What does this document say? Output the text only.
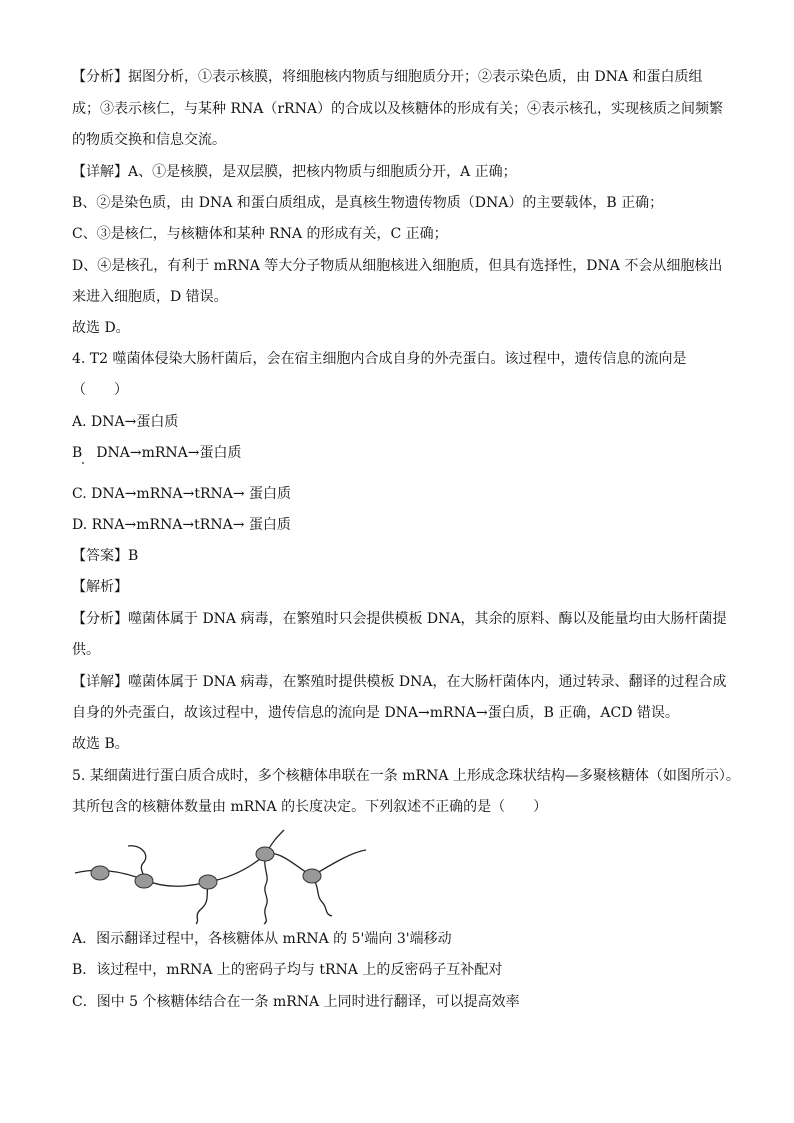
【分析】据图分析，①表示核膜，将细胞核内物质与细胞质分开；②表示染色质，由 DNA 和蛋白质组
成；③表示核仁，与某种 RNA（rRNA）的合成以及核糖体的形成有关；④表示核孔，实现核质之间频繁
的物质交换和信息交流。
【详解】A、①是核膜，是双层膜，把核内物质与细胞质分开，A 正确；
B、②是染色质，由 DNA 和蛋白质组成，是真核生物遗传物质（DNA）的主要载体，B 正确；
C、③是核仁，与核糖体和某种 RNA 的形成有关，C 正确；
D、④是核孔，有利于 mRNA 等大分子物质从细胞核进入细胞质，但具有选择性，DNA 不会从细胞核出
来进入细胞质，D 错误。
故选 D。
4. T2 噬菌体侵染大肠杆菌后，会在宿主细胞内合成自身的外壳蛋白。该过程中，遗传信息的流向是
（　　）
A. DNA→蛋白质
B　DNA→mRNA→蛋白质
C. DNA→mRNA→tRNA→ 蛋白质
D. RNA→mRNA→tRNA→ 蛋白质
【答案】B
【解析】
【分析】噬菌体属于 DNA 病毒，在繁殖时只会提供模板 DNA，其余的原料、酶以及能量均由大肠杆菌提
供。
【详解】噬菌体属于 DNA 病毒，在繁殖时提供模板 DNA，在大肠杆菌体内，通过转录、翻译的过程合成
自身的外壳蛋白，故该过程中，遗传信息的流向是 DNA→mRNA→蛋白质，B 正确，ACD 错误。
故选 B。
5. 某细菌进行蛋白质合成时，多个核糖体串联在一条 mRNA 上形成念珠状结构—多聚核糖体（如图所示）。
其所包含的核糖体数量由 mRNA 的长度决定。下列叙述不正确的是（　　）
A．图示翻译过程中，各核糖体从 mRNA 的 5'端向 3'端移动
B．该过程中，mRNA 上的密码子均与 tRNA 上的反密码子互补配对
C．图中 5 个核糖体结合在一条 mRNA 上同时进行翻译，可以提高效率
